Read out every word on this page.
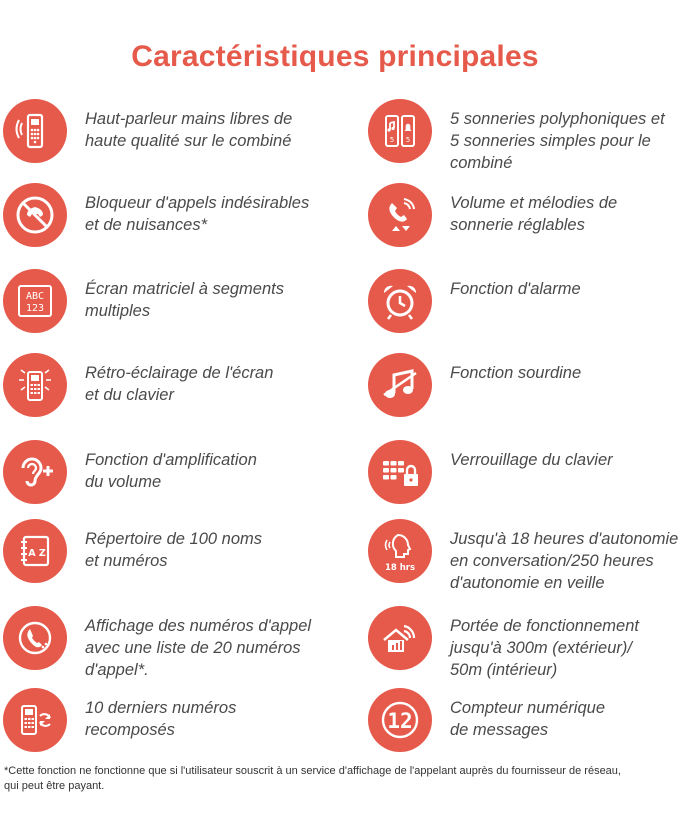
Caractéristiques principales
Haut-parleur mains libres de
haute qualité sur le combiné	5 5
5 sonneries polyphoniques et
5 sonneries simples pour le
combiné
Bloqueur d'appels indésirables
et de nuisances*
Volume et mélodies de
sonnerie réglables
ABC
123
Écran matriciel à segments
multiples
Fonction d'alarme
Rétro-éclairage de l'écran
et du clavier
Fonction sourdine
Fonction d'amplification
du volume
Verrouillage du clavier
A Z
Répertoire de 100 noms
et numéros	18 hrs
Jusqu'à 18 heures d'autonomie
en conversation/250 heures
d'autonomie en veille
Affichage des numéros d'appel
avec une liste de 20 numéros
d'appel*.
Portée de fonctionnement
jusqu'à 300m (extérieur)/
50m (intérieur)
10 derniers numéros
recomposés	12
Compteur numérique
de messages
*Cette fonction ne fonctionne que si l'utilisateur souscrit à un service d'affichage de l'appelant auprès du fournisseur de réseau,
qui peut être payant.
